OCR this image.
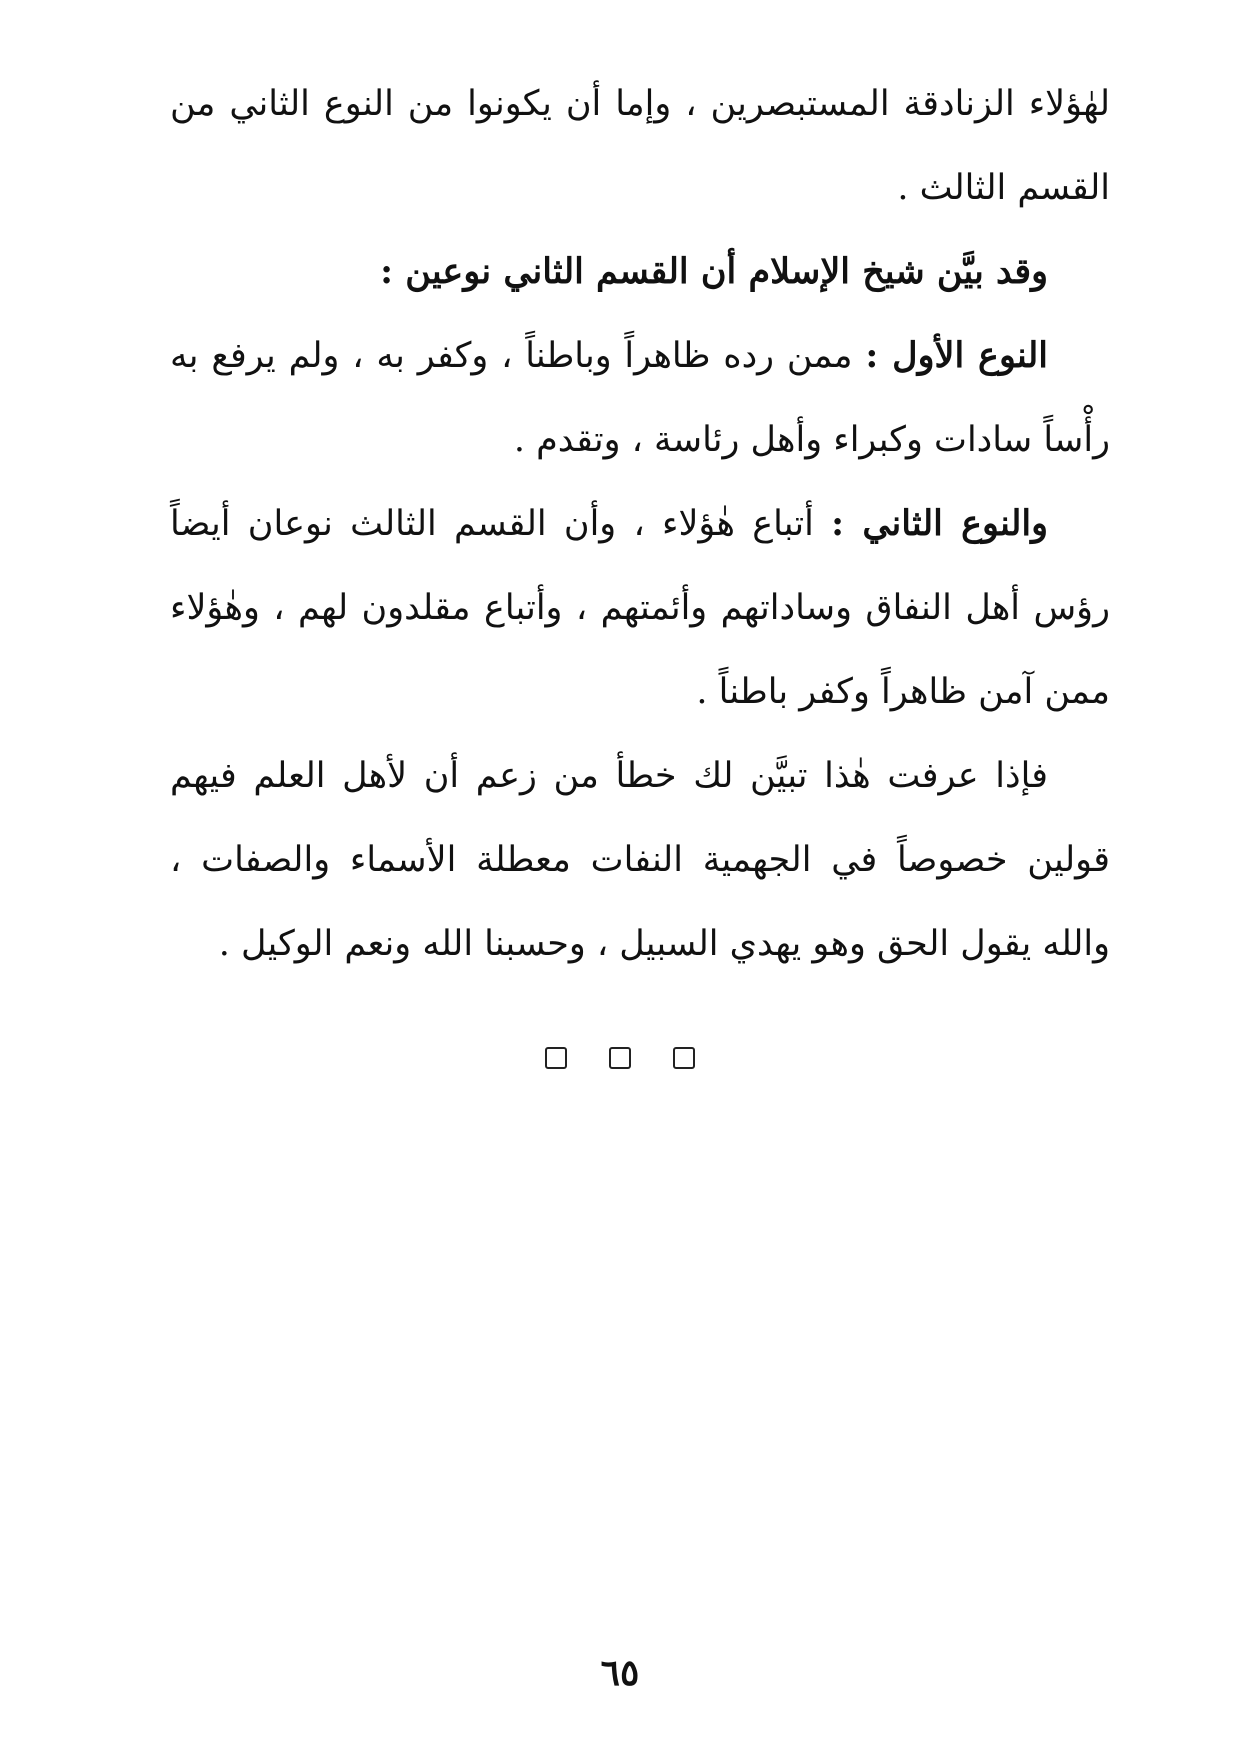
لهٰؤلاء الزنادقة المستبصرين ، وإما أن يكونوا من النوع الثاني من القسم الثالث .

وقد بيَّن شيخ الإسلام أن القسم الثاني نوعين :

النوع الأول : ممن رده ظاهراً وباطناً ، وكفر به ، ولم يرفع به رأْساً سادات وكبراء وأهل رئاسة ، وتقدم .

والنوع الثاني : أتباع هٰؤلاء ، وأن القسم الثالث نوعان أيضاً رؤس أهل النفاق وساداتهم وأئمتهم ، وأتباع مقلدون لهم ، وهٰؤلاء ممن آمن ظاهراً وكفر باطناً .

فإذا عرفت هٰذا تبيَّن لك خطأ من زعم أن لأهل العلم فيهم قولين خصوصاً في الجهمية النفات معطلة الأسماء والصفات ، والله يقول الحق وهو يهدي السبيل ، وحسبنا الله ونعم الوكيل .

٦٥
